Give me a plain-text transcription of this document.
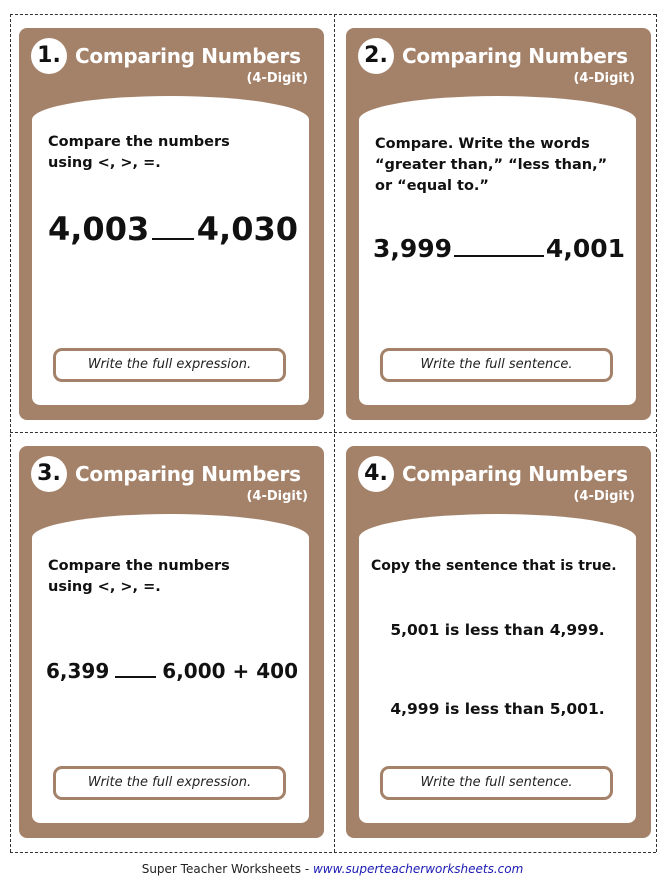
1. Comparing Numbers
(4-Digit)
Compare the numbers
using <, >, =.
4,003 4,030
Write the full expression.
2. Comparing Numbers
(4-Digit)
Compare. Write the words
“greater than,” “less than,”
or “equal to.”
3,999	4,001
Write the full sentence.
3. Comparing Numbers
(4-Digit)
Compare the numbers
using <, >, =.
6,399	6,000 + 400
Write the full expression.
4. Comparing Numbers
(4-Digit)
Copy the sentence that is true.
5,001 is less than 4,999.
4,999 is less than 5,001.
Write the full sentence.
Super Teacher Worksheets - www.superteacherworksheets.com
